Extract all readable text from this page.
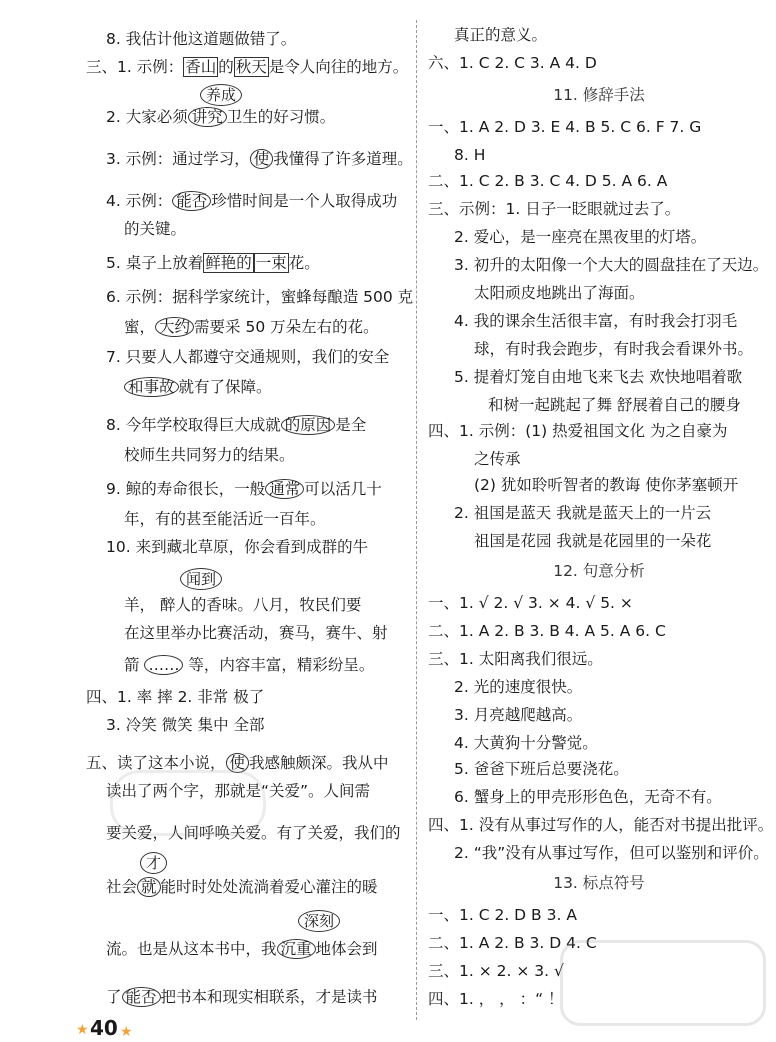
8. 我估计他这道题做错了。
三、1. 示例： 香山 的 秋天 是令人向往的地方。
养成
2. 大家必须 讲究 卫生的好习惯。
3. 示例：通过学习， 使 我懂得了许多道理。
4. 示例： 能否 珍惜时间是一个人取得成功
的关键。
5. 桌子上放着 鲜艳的 一束 花。
6. 示例：据科学家统计，蜜蜂每酿造 500 克
蜜， 大约 需要采 50 万朵左右的花。
7. 只要人人都遵守交通规则，我们的安全
和事故 就有了保障。
8. 今年学校取得巨大成就 的原因 是全
校师生共同努力的结果。
9. 鲸的寿命很长，一般 通常 可以活几十
年，有的甚至能活近一百年。
10. 来到藏北草原，你会看到成群的牛
闻到
羊， 醉人的香味。八月，牧民们要
在这里举办比赛活动，赛马，赛牛、射
箭 …… 等，内容丰富，精彩纷呈。
四、1. 率 摔 2. 非常 极了
3. 冷笑 微笑 集中 全部
五、读了这本小说， 使 我感触颇深。我从中
读出了两个字，那就是“关爱”。人间需
要关爱，人间呼唤关爱。有了关爱，我们的
才
社会 就 能时时处处流淌着爱心灌注的暖
深刻
流。也是从这本书中，我 沉重 地体会到
了 能否 把书本和现实相联系，才是读书
★ 40 ★
真正的意义。
六、1. C 2. C 3. A 4. D
11. 修辞手法
一、1. A 2. D 3. E 4. B 5. C 6. F 7. G
8. H
二、1. C 2. B 3. C 4. D 5. A 6. A
三、示例：1. 日子一眨眼就过去了。
2. 爱心，是一座亮在黑夜里的灯塔。
3. 初升的太阳像一个大大的圆盘挂在了天边。
太阳顽皮地跳出了海面。
4. 我的课余生活很丰富，有时我会打羽毛
球，有时我会跑步，有时我会看课外书。
5. 提着灯笼自由地飞来飞去 欢快地唱着歌
和树一起跳起了舞 舒展着自己的腰身
四、1. 示例：(1) 热爱祖国文化 为之自豪为
之传承
(2) 犹如聆听智者的教诲 使你茅塞顿开
2. 祖国是蓝天 我就是蓝天上的一片云
祖国是花园 我就是花园里的一朵花
12. 句意分析
一、1. √ 2. √ 3. × 4. √ 5. ×
二、1. A 2. B 3. B 4. A 5. A 6. C
三、1. 太阳离我们很远。
2. 光的速度很快。
3. 月亮越爬越高。
4. 大黄狗十分警觉。
5. 爸爸下班后总要浇花。
6. 蟹身上的甲壳形形色色，无奇不有。
四、1. 没有从事过写作的人，能否对书提出批评。
2. “我”没有从事过写作，但可以鉴别和评价。
13. 标点符号
一、1. C 2. D B 3. A
二、1. A 2. B 3. D 4. C
三、1. × 2. × 3. √
四、1. ， ， ：“ ！
